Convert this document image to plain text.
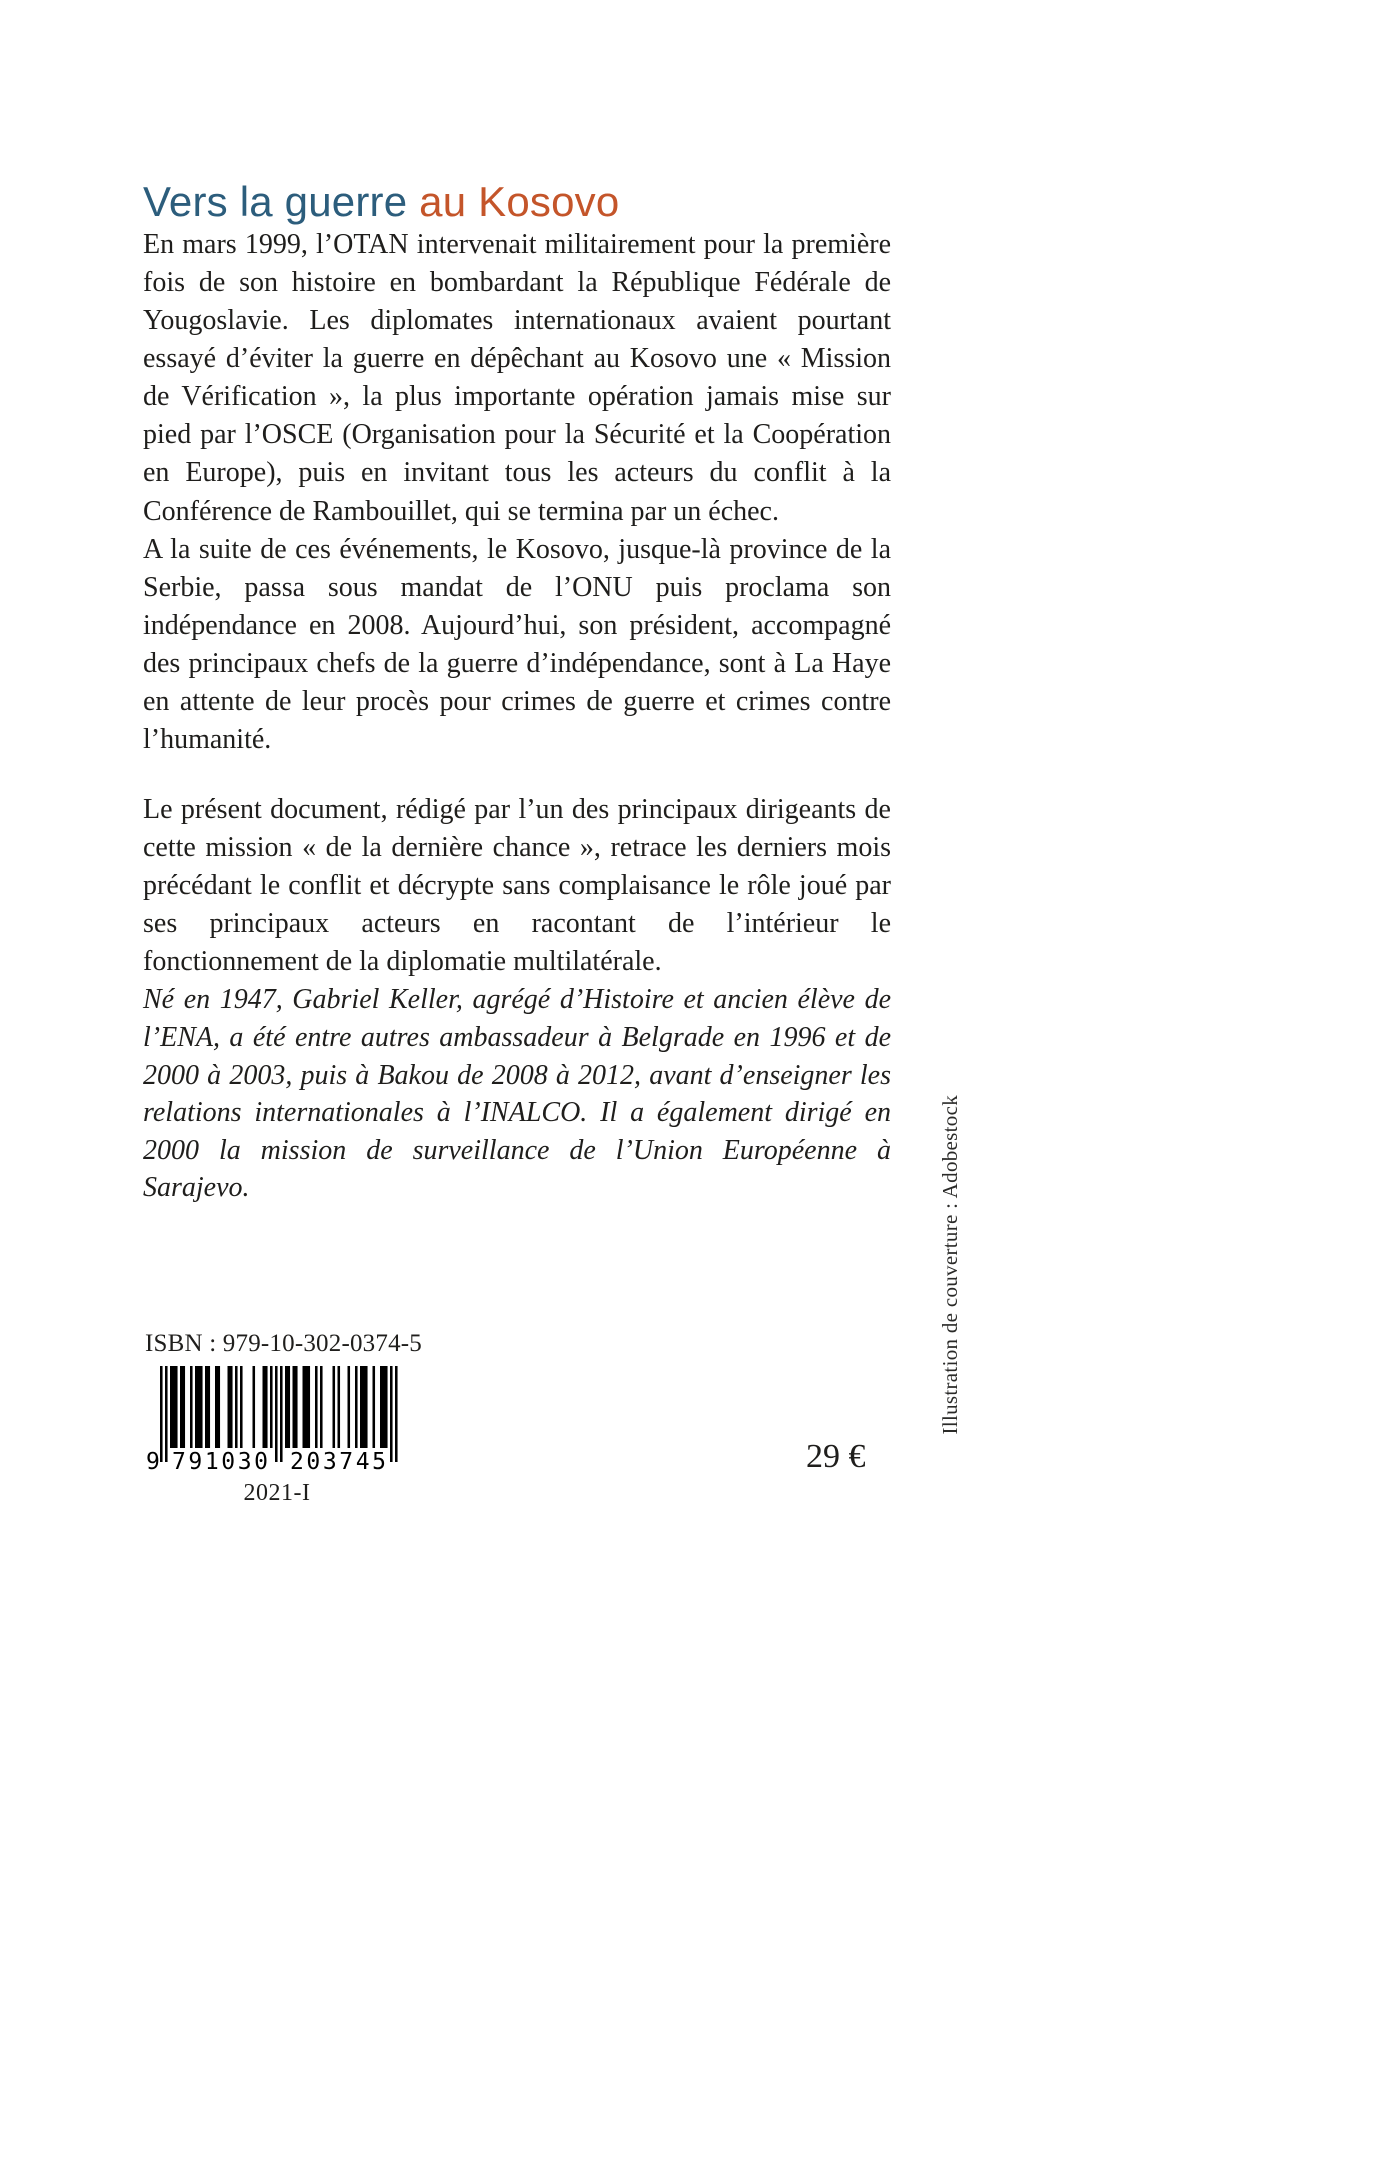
Vers la guerre au Kosovo

En mars 1999, l’OTAN intervenait militairement pour la première fois de son histoire en bombardant la République Fédérale de Yougoslavie. Les diplomates internationaux avaient pourtant essayé d’éviter la guerre en dépêchant au Kosovo une « Mission de Vérification », la plus importante opération jamais mise sur pied par l’OSCE (Organisation pour la Sécurité et la Coopération en Europe), puis en invitant tous les acteurs du conflit à la Conférence de Rambouillet, qui se termina par un échec.

A la suite de ces événements, le Kosovo, jusque-là province de la Serbie, passa sous mandat de l’ONU puis proclama son indépendance en 2008. Aujourd’hui, son président, accompagné des principaux chefs de la guerre d’indépendance, sont à La Haye en attente de leur procès pour crimes de guerre et crimes contre l’humanité.

Le présent document, rédigé par l’un des principaux dirigeants de cette mission « de la dernière chance », retrace les derniers mois précédant le conflit et décrypte sans complaisance le rôle joué par ses principaux acteurs en racontant de l’intérieur le fonctionnement de la diplomatie multilatérale.

Né en 1947, Gabriel Keller, agrégé d’Histoire et ancien élève de l’ENA, a été entre autres ambassadeur à Belgrade en 1996 et de 2000 à 2003, puis à Bakou de 2008 à 2012, avant d’enseigner les relations internationales à l’INALCO. Il a également dirigé en 2000 la mission de surveillance de l’Union Européenne à Sarajevo.	Illustration de couverture : Adobestock
ISBN : 979-10-302-0374-5
9 791030 203745
2021-I
29 €
